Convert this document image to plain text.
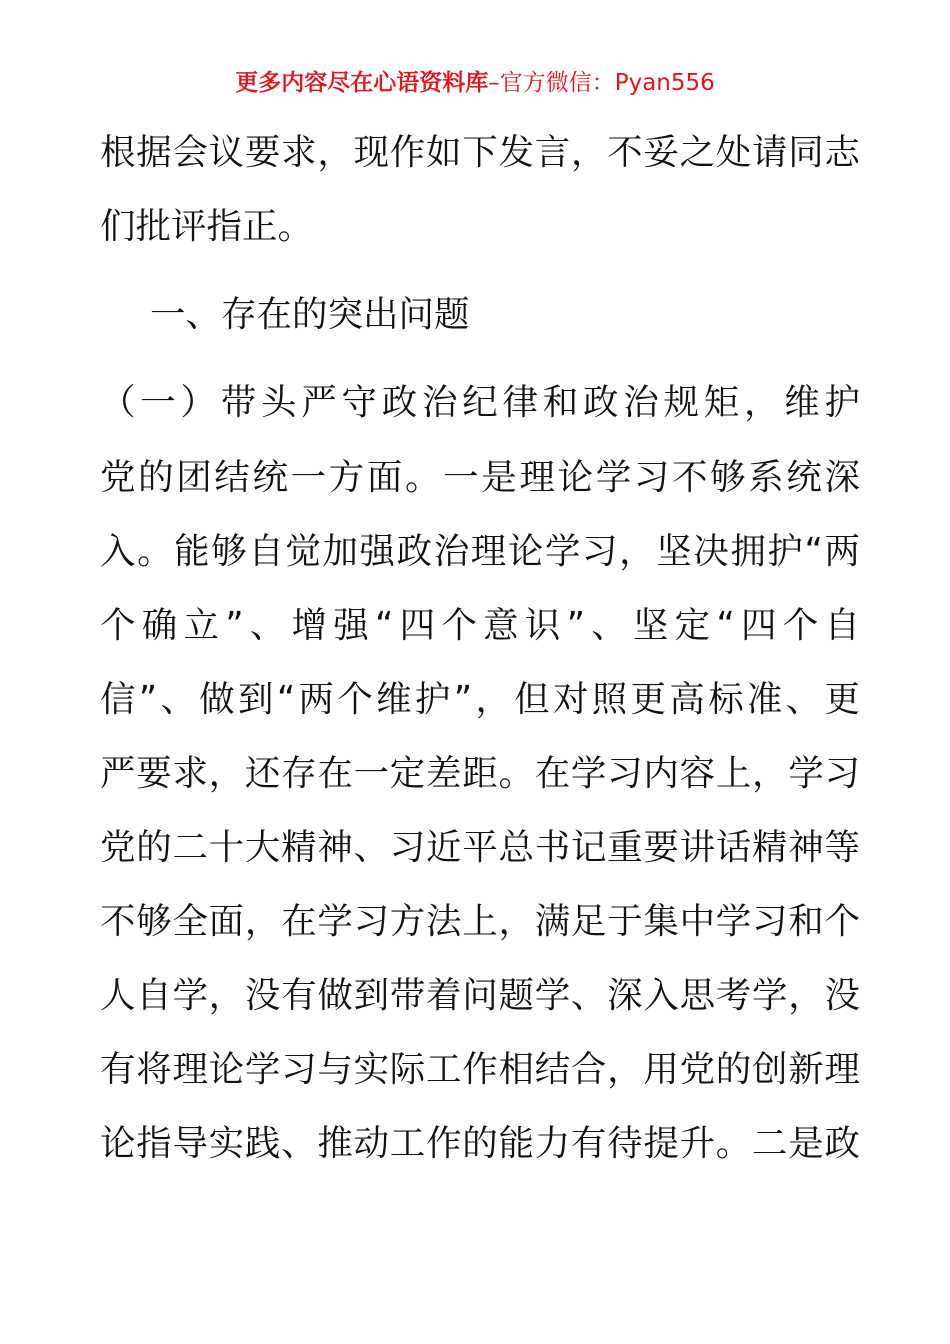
更多内容尽在心语资料库–官方微信：Pyan556
根据会议要求，现作如下发言，不妥之处请同志
们批评指正。
一、存在的突出问题
（一）带头严守政治纪律和政治规矩，维护
党的团结统一方面。一是理论学习不够系统深
入。能够自觉加强政治理论学习，坚决拥护“两
个确立”、增强“四个意识”、坚定“四个自
信”、做到“两个维护”，但对照更高标准、更
严要求，还存在一定差距。在学习内容上，学习
党的二十大精神、习近平总书记重要讲话精神等
不够全面，在学习方法上，满足于集中学习和个
人自学，没有做到带着问题学、深入思考学，没
有将理论学习与实际工作相结合，用党的创新理
论指导实践、推动工作的能力有待提升。二是政
